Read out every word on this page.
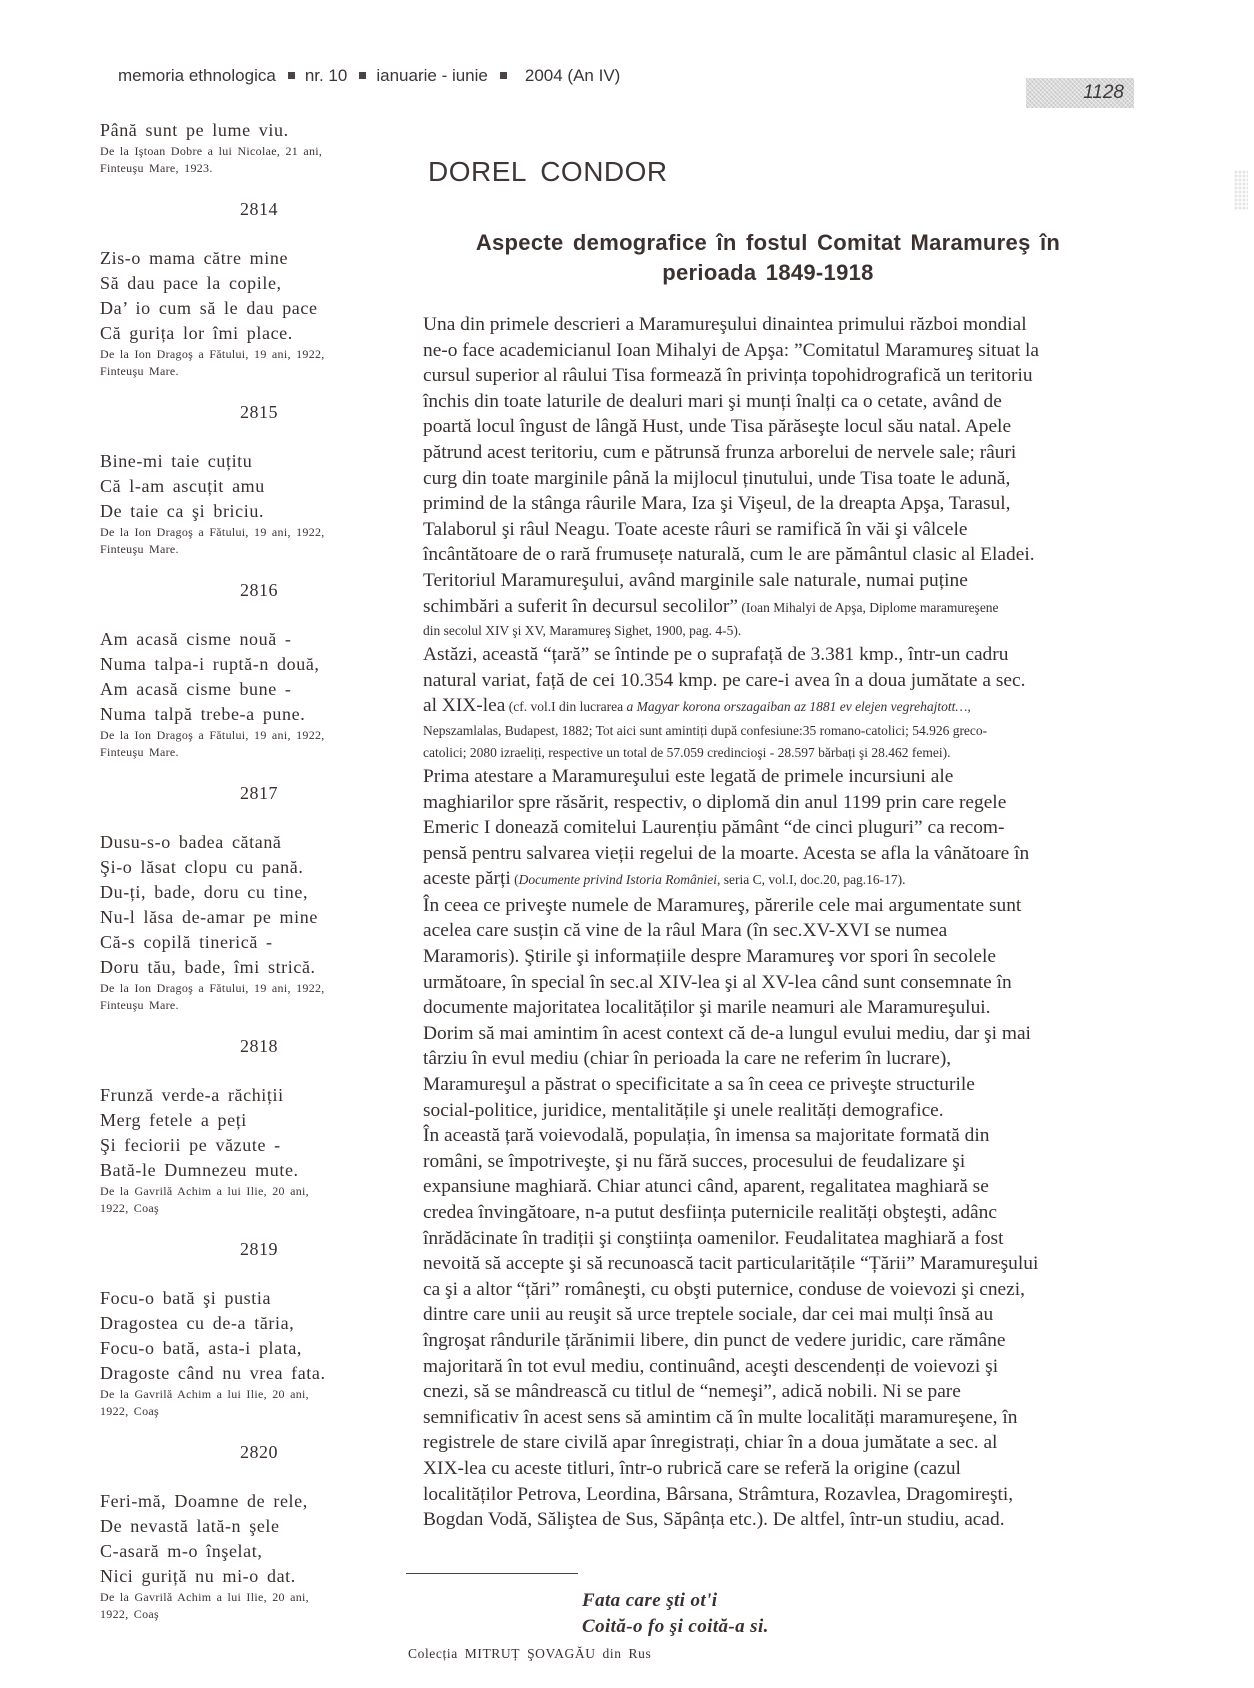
memoria ethnologica nr. 10 ianuarie - iunie 2004 (An IV)
1128
Până sunt pe lume viu.
De la Iştoan Dobre a lui Nicolae, 21 ani,
Finteuşu Mare, 1923.
2814
Zis-o mama către mine
Să dau pace la copile,
Da’ io cum să le dau pace
Că gurița lor îmi place.
De la Ion Dragoş a Fătului, 19 ani, 1922,
Finteuşu Mare.
2815
Bine-mi taie cuțitu
Că l-am ascuțit amu
De taie ca şi briciu.
De la Ion Dragoş a Fătului, 19 ani, 1922,
Finteuşu Mare.
2816
Am acasă cisme nouă -
Numa talpa-i ruptă-n două,
Am acasă cisme bune -
Numa talpă trebe-a pune.
De la Ion Dragoş a Fătului, 19 ani, 1922,
Finteuşu Mare.
2817
Dusu-s-o badea cătană
Şi-o lăsat clopu cu pană.
Du-ți, bade, doru cu tine,
Nu-l lăsa de-amar pe mine
Că-s copilă tinerică -
Doru tău, bade, îmi strică.
De la Ion Dragoş a Fătului, 19 ani, 1922,
Finteuşu Mare.
2818
Frunză verde-a răchiții
Merg fetele a peți
Şi feciorii pe văzute -
Bată-le Dumnezeu mute.
De la Gavrilă Achim a lui Ilie, 20 ani,
1922, Coaş
2819
Focu-o bată şi pustia
Dragostea cu de-a tăria,
Focu-o bată, asta-i plata,
Dragoste când nu vrea fata.
De la Gavrilă Achim a lui Ilie, 20 ani,
1922, Coaş
2820
Feri-mă, Doamne de rele,
De nevastă lată-n şele
C-asară m-o înşelat,
Nici guriță nu mi-o dat.
De la Gavrilă Achim a lui Ilie, 20 ani,
1922, Coaş
DOREL CONDOR
Aspecte demografice în fostul Comitat Maramureş în
perioada 1849-1918
Una din primele descrieri a Maramureşului dinaintea primului război mondial
ne-o face academicianul Ioan Mihalyi de Apşa: ”Comitatul Maramureş situat la
cursul superior al râului Tisa formează în privința topohidrografică un teritoriu
închis din toate laturile de dealuri mari şi munți înalți ca o cetate, având de
poartă locul îngust de lângă Hust, unde Tisa părăseşte locul său natal. Apele
pătrund acest teritoriu, cum e pătrunsă frunza arborelui de nervele sale; râuri
curg din toate marginile până la mijlocul ținutului, unde Tisa toate le adună,
primind de la stânga râurile Mara, Iza şi Vişeul, de la dreapta Apşa, Tarasul,
Talaborul şi râul Neagu. Toate aceste râuri se ramifică în văi şi vâlcele
încântătoare de o rară frumusețe naturală, cum le are pământul clasic al Eladei.
Teritoriul Maramureşului, având marginile sale naturale, numai puține
schimbări a suferit în decursul secolilor” (Ioan Mihalyi de Apşa, Diplome maramureşene
din secolul XIV şi XV, Maramureş Sighet, 1900, pag. 4-5).
Astăzi, această “țară” se întinde pe o suprafață de 3.381 kmp., într-un cadru
natural variat, față de cei 10.354 kmp. pe care-i avea în a doua jumătate a sec.
al XIX-lea (cf. vol.I din lucrarea a Magyar korona orszagaiban az 1881 ev elejen vegrehajtott…,
Nepszamlalas, Budapest, 1882; Tot aici sunt amintiți după confesiune:35 romano-catolici; 54.926 greco-
catolici; 2080 izraeliți, respective un total de 57.059 credincioşi - 28.597 bărbați şi 28.462 femei).
Prima atestare a Maramureşului este legată de primele incursiuni ale
maghiarilor spre răsărit, respectiv, o diplomă din anul 1199 prin care regele
Emeric I donează comitelui Laurențiu pământ “de cinci pluguri” ca recom-
pensă pentru salvarea vieții regelui de la moarte. Acesta se afla la vânătoare în
aceste părți (Documente privind Istoria României, seria C, vol.I, doc.20, pag.16-17).
În ceea ce priveşte numele de Maramureş, părerile cele mai argumentate sunt
acelea care susțin că vine de la râul Mara (în sec.XV-XVI se numea
Maramoris). Ştirile şi informațiile despre Maramureş vor spori în secolele
următoare, în special în sec.al XIV-lea şi al XV-lea când sunt consemnate în
documente majoritatea localităților şi marile neamuri ale Maramureşului.
Dorim să mai amintim în acest context că de-a lungul evului mediu, dar şi mai
târziu în evul mediu (chiar în perioada la care ne referim în lucrare),
Maramureşul a păstrat o specificitate a sa în ceea ce priveşte structurile
social-politice, juridice, mentalitățile şi unele realități demografice.
În această țară voievodală, populația, în imensa sa majoritate formată din
români, se împotriveşte, şi nu fără succes, procesului de feudalizare şi
expansiune maghiară. Chiar atunci când, aparent, regalitatea maghiară se
credea învingătoare, n-a putut desființa puternicile realități obşteşti, adânc
înrădăcinate în tradiții şi conştiința oamenilor. Feudalitatea maghiară a fost
nevoită să accepte şi să recunoască tacit particularitățile “Țării” Maramureşului
ca şi a altor “țări” româneşti, cu obşti puternice, conduse de voievozi şi cnezi,
dintre care unii au reuşit să urce treptele sociale, dar cei mai mulți însă au
îngroşat rândurile țărănimii libere, din punct de vedere juridic, care rămâne
majoritară în tot evul mediu, continuând, aceşti descendenți de voievozi şi
cnezi, să se mândrească cu titlul de “nemeşi”, adică nobili. Ni se pare
semnificativ în acest sens să amintim că în multe localități maramureşene, în
registrele de stare civilă apar înregistrați, chiar în a doua jumătate a sec. al
XIX-lea cu aceste titluri, într-o rubrică care se referă la origine (cazul
localităților Petrova, Leordina, Bârsana, Strâmtura, Rozavlea, Dragomireşti,
Bogdan Vodă, Săliştea de Sus, Săpânța etc.). De altfel, într-un studiu, acad.
Fata care şti ot'i
Coită-o fo şi coită-a si.
Colecția MITRUȚ ŞOVAGĂU din Rus
